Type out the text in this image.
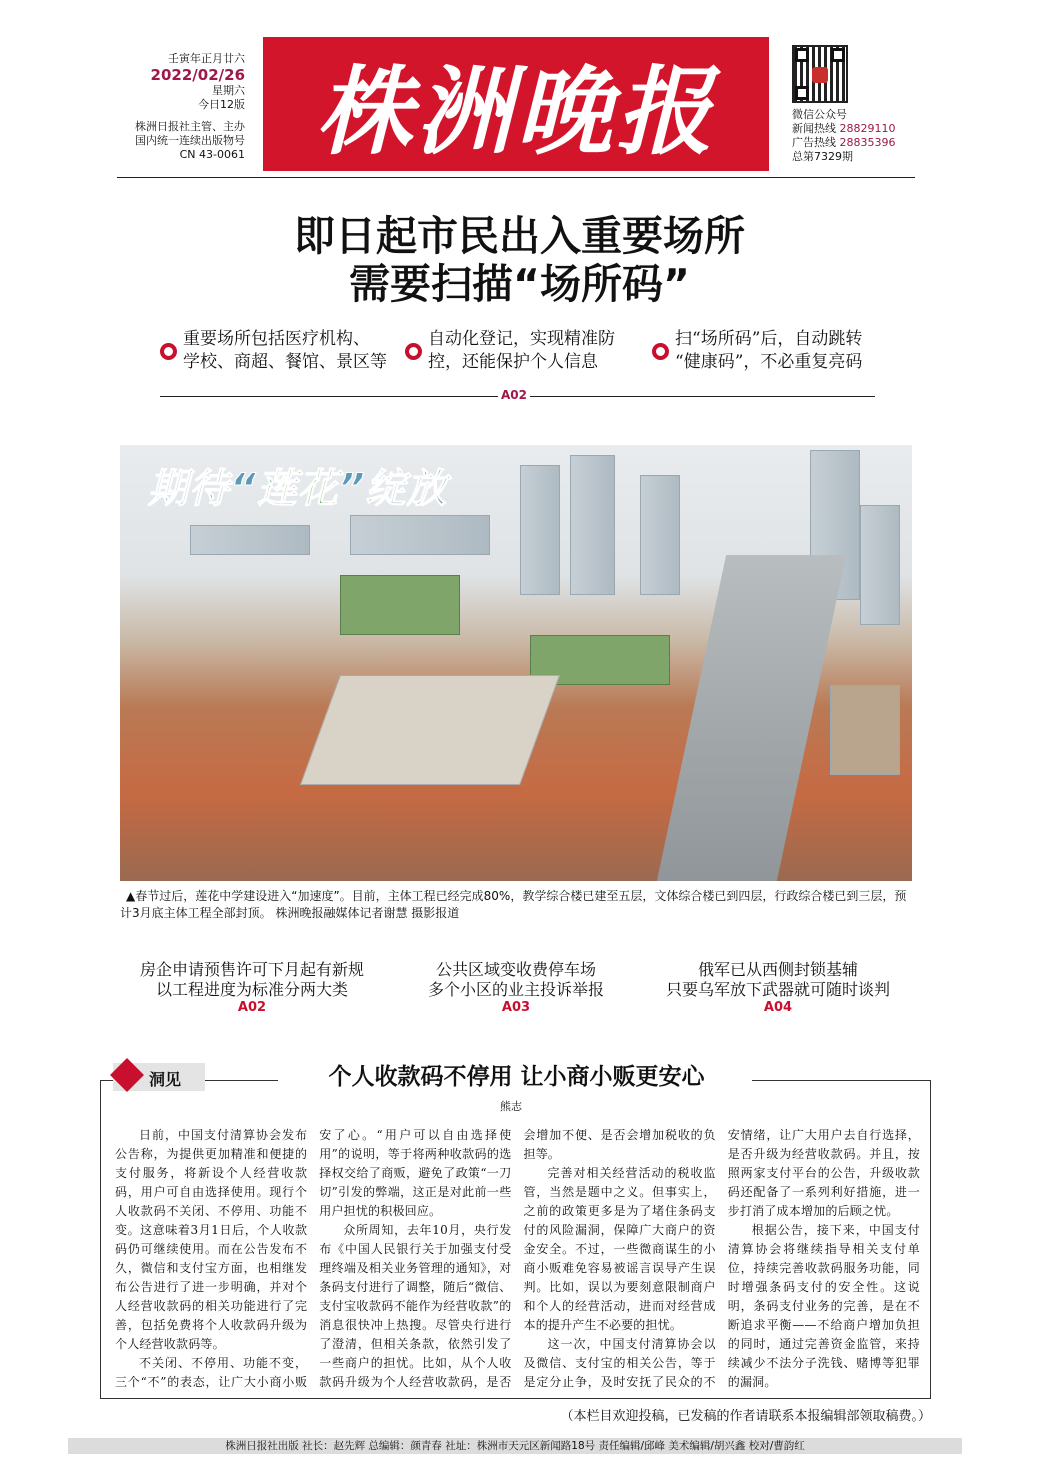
壬寅年正月廿六
2022/02/26
星期六
今日12版
株洲日报社主管、主办
国内统一连续出版物号
CN 43-0061 株洲晚报	微信公众号
新闻热线 28829110
广告热线 28835396
总第7329期
即日起市民出入重要场所
需要扫描“场所码”
重要场所包括医疗机构、
学校、商超、餐馆、景区等
自动化登记，实现精准防
控，还能保护个人信息
扫“场所码”后，自动跳转
“健康码”，不必重复亮码
A02
期待“莲花”绽放
▲春节过后，莲花中学建设进入“加速度”。目前，主体工程已经完成80%，教学综合楼已建至五层，文体综合楼已到四层，行政综合楼已到三层，预计3月底主体工程全部封顶。 株洲晚报融媒体记者谢慧 摄影报道
房企申请预售许可下月起有新规
以工程进度为标准分两大类
A02
公共区域变收费停车场
多个小区的业主投诉举报
A03
俄军已从西侧封锁基辅
只要乌军放下武器就可随时谈判
A04

日前，中国支付清算协会发布公告称，为提供更加精准和便捷的支付服务，将新设个人经营收款码，用户可自由选择使用。现行个人收款码不关闭、不停用、功能不变。这意味着3月1日后，个人收款码仍可继续使用。而在公告发布不久，微信和支付宝方面，也相继发布公告进行了进一步明确，并对个人经营收款码的相关功能进行了完善，包括免费将个人收款码升级为个人经营收款码等。

不关闭、不停用、功能不变，三个“不”的表态，让广大小商小贩安了心。“用户可以自由选择使用”的说明，等于将两种收款码的选择权交给了商贩，避免了政策“一刀切”引发的弊端，这正是对此前一些用户担忧的积极回应。

众所周知，去年10月，央行发布《中国人民银行关于加强支付受理终端及相关业务管理的通知》，对条码支付进行了调整，随后“微信、支付宝收款码不能作为经营收款”的消息很快冲上热搜。尽管央行进行了澄清，但相关条款，依然引发了一些商户的担忧。比如，从个人收款码升级为个人经营收款码，是否会增加不便、是否会增加税收的负担等。

完善对相关经营活动的税收监管，当然是题中之义。但事实上，之前的政策更多是为了堵住条码支付的风险漏洞，保障广大商户的资金安全。不过，一些微商谋生的小商小贩难免容易被谣言误导产生误判。比如，误以为要刻意限制商户和个人的经营活动，进而对经营成本的提升产生不必要的担忧。

这一次，中国支付清算协会以及微信、支付宝的相关公告，等于是定分止争，及时安抚了民众的不安情绪，让广大用户去自行选择，是否升级为经营收款码。并且，按照两家支付平台的公告，升级收款码还配备了一系列利好措施，进一步打消了成本增加的后顾之忧。

根据公告，接下来，中国支付清算协会将继续指导相关支付单位，持续完善收款码服务功能，同时增强条码支付的安全性。这说明，条码支付业务的完善，是在不断追求平衡——不给商户增加负担的同时，通过完善资金监管，来持续减少不法分子洗钱、赌博等犯罪的漏洞。

（本栏目欢迎投稿，已发稿的作者请联系本报编辑部领取稿费。）
株洲日报社出版 社长：赵先辉 总编辑：颜青春 社址：株洲市天元区新闻路18号 责任编辑/邱峰 美术编辑/胡兴鑫 校对/曹韵红
洞见	个人收款码不停用 让小商小贩更安心
熊志
